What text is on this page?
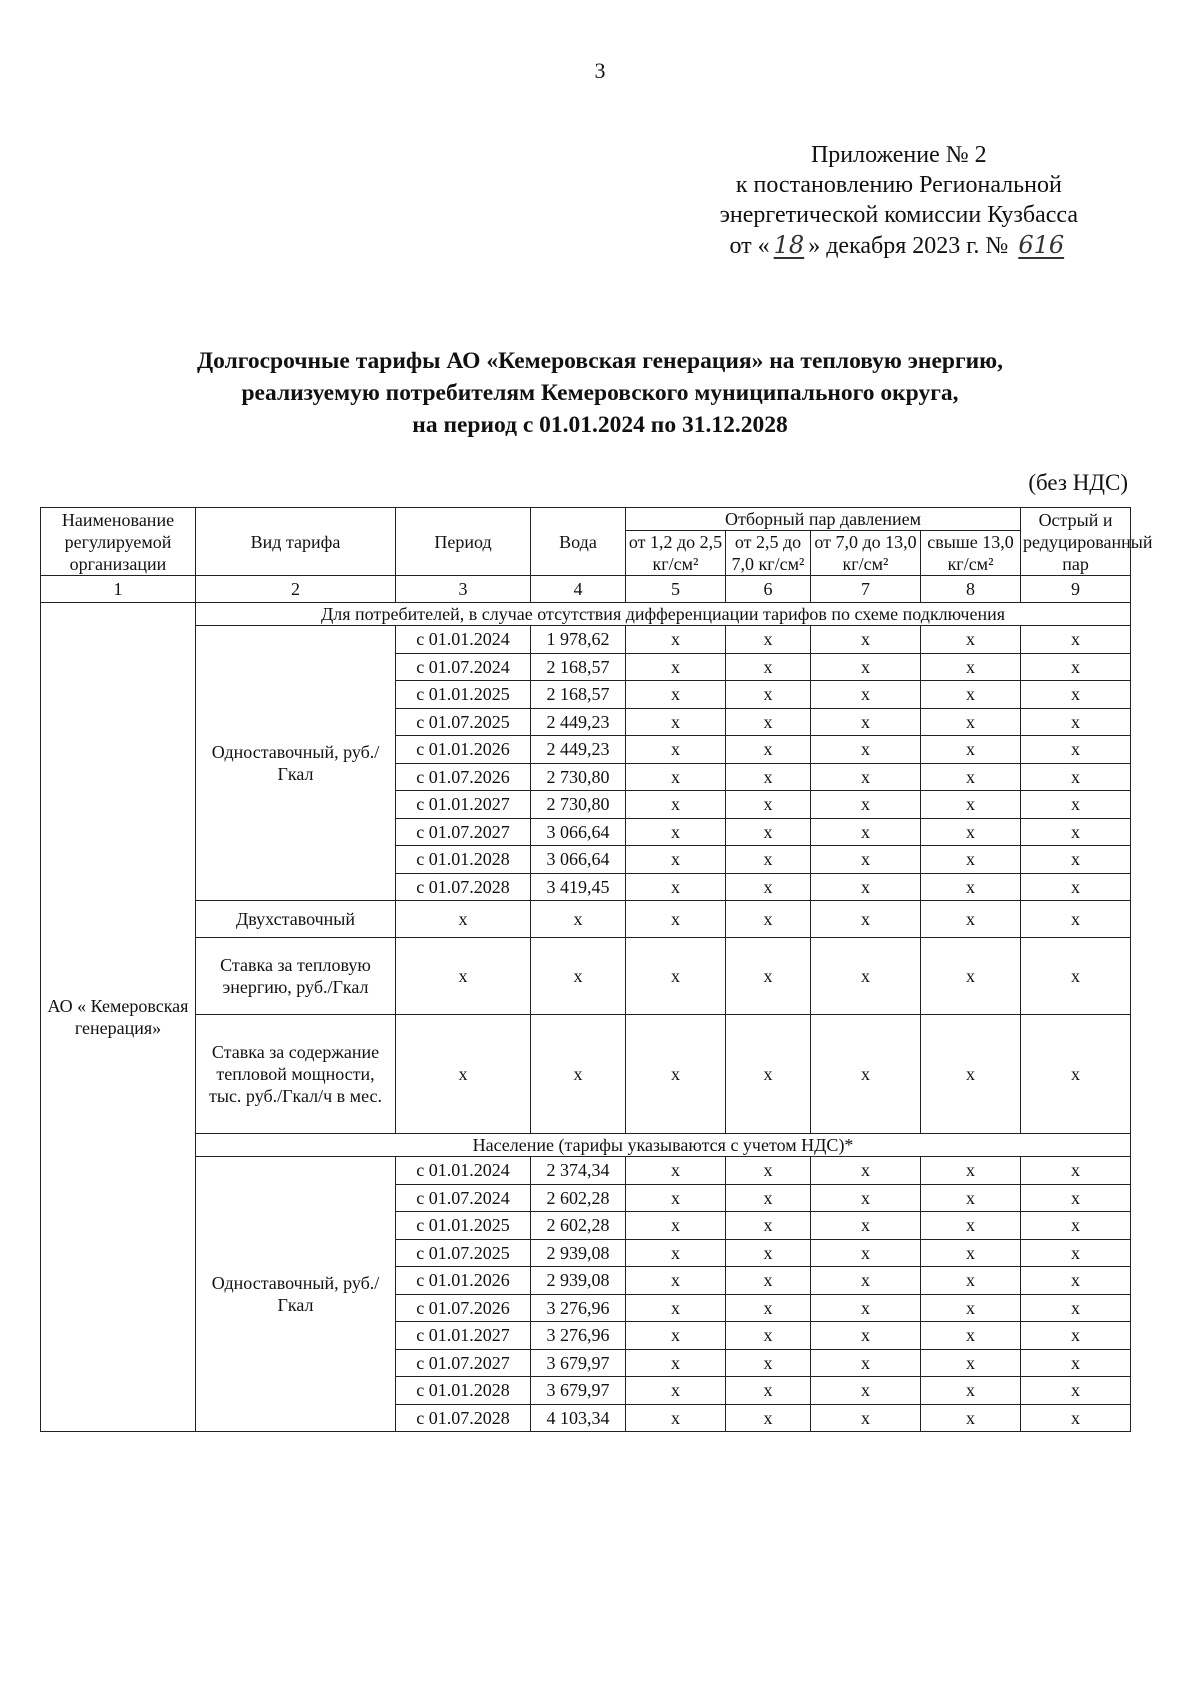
3
Приложение № 2
к постановлению Региональной
энергетической комиссии Кузбасса
от « 18 » декабря 2023 г. № 616
Долгосрочные тарифы АО «Кемеровская генерация» на тепловую энергию,
реализуемую потребителям Кемеровского муниципального округа,
на период с 01.01.2024 по 31.12.2028
(без НДС)
Наименование регулируемой организации	Вид тарифа	Период	Вода	Отборный пар давлением				Острый и редуцированный пар
				от 1,2 до 2,5 кг/см²	от 2,5 до 7,0 кг/см²	от 7,0 до 13,0 кг/см²	свыше 13,0 кг/см²	
1	2	3	4	5	6	7	8	9
АО « Кемеровская генерация»	Для потребителей, в случае отсутствия дифференциации тарифов по схеме подключения							
	Одноставочный, руб./Гкал	с 01.01.2024	1 978,62	х	х	х	х	х
		с 01.07.2024	2 168,57	х	х	х	х	х
		с 01.01.2025	2 168,57	х	х	х	х	х
		с 01.07.2025	2 449,23	х	х	х	х	х
		с 01.01.2026	2 449,23	х	х	х	х	х
		с 01.07.2026	2 730,80	х	х	х	х	х
		с 01.01.2027	2 730,80	х	х	х	х	х
		с 01.07.2027	3 066,64	х	х	х	х	х
		с 01.01.2028	3 066,64	х	х	х	х	х
		с 01.07.2028	3 419,45	х	х	х	х	х
	Двухставочный	х	х	х	х	х	х	х
	Ставка за тепловую энергию, руб./Гкал	х	х	х	х	х	х	х
	Ставка за содержание тепловой мощности, тыс. руб./Гкал/ч в мес.	х	х	х	х	х	х	х
	Население (тарифы указываются с учетом НДС)*							
	Одноставочный, руб./Гкал	с 01.01.2024	2 374,34	х	х	х	х	х
		с 01.07.2024	2 602,28	х	х	х	х	х
		с 01.01.2025	2 602,28	х	х	х	х	х
		с 01.07.2025	2 939,08	х	х	х	х	х
		с 01.01.2026	2 939,08	х	х	х	х	х
		с 01.07.2026	3 276,96	х	х	х	х	х
		с 01.01.2027	3 276,96	х	х	х	х	х
		с 01.07.2027	3 679,97	х	х	х	х	х
		с 01.01.2028	3 679,97	х	х	х	х	х
		с 01.07.2028	4 103,34	х	х	х	х	х
